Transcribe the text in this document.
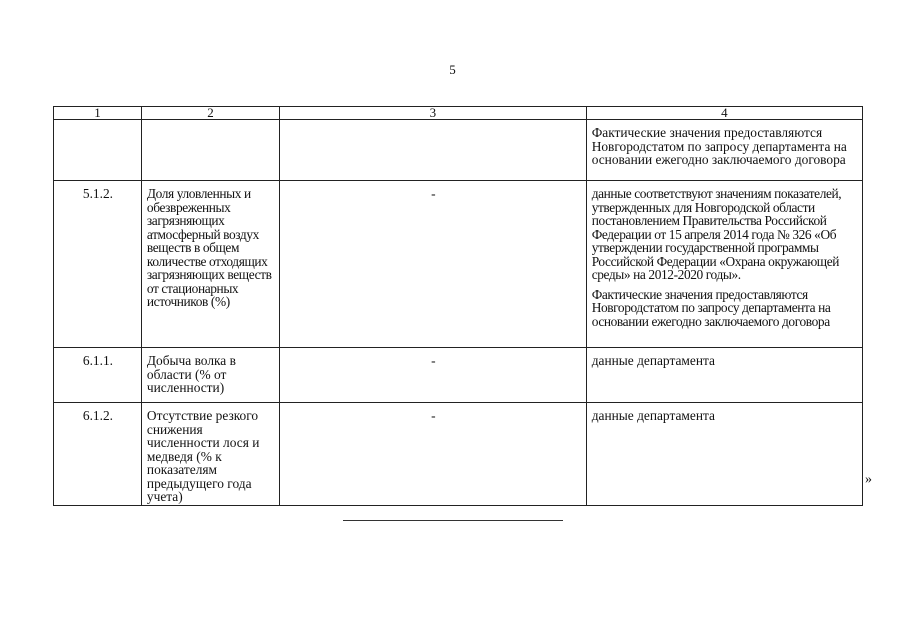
5
1	2	3	4

			Фактические значения предоставляются Новгородстатом по запросу департамента на основании ежегодно заключаемого договора

5.1.2.	Доля уловленных и обезвреженных загрязняющих атмосферный воздух веществ в общем количестве отходящих загрязняющих веществ от стационарных источников (%)	-	данные соответствуют значениям показателей, утвержденных для Новгородской области постановлением Правительства Российской Федерации от 15 апреля 2014 года № 326 «Об утверждении государственной программы Российской Федерации «Охрана окружающей среды» на 2012-2020 годы».

Фактические значения предоставляются Новгородстатом по запросу департамента на основании ежегодно заключаемого договора

6.1.1.	Добыча волка в области (% от численности)	-	данные департамента

6.1.2.	Отсутствие резкого снижения численности лося и медведя (% к показателям предыдущего года учета)	-	данные департамента

»
